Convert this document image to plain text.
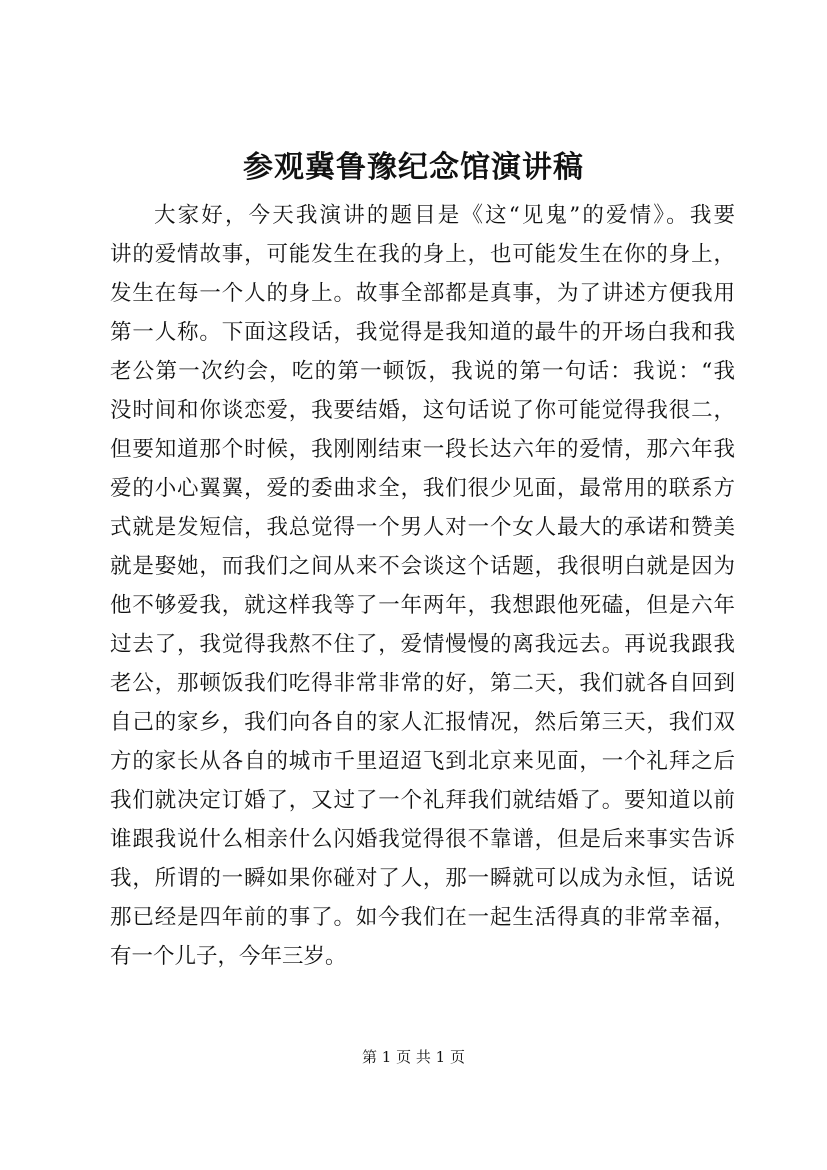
参观冀鲁豫纪念馆演讲稿
大家好，今天我演讲的题目是《这“见鬼”的爱情》。我要
讲的爱情故事，可能发生在我的身上，也可能发生在你的身上，
发生在每一个人的身上。故事全部都是真事，为了讲述方便我用
第一人称。下面这段话，我觉得是我知道的最牛的开场白我和我
老公第一次约会，吃的第一顿饭，我说的第一句话：我说：“我
没时间和你谈恋爱，我要结婚，这句话说了你可能觉得我很二，
但要知道那个时候，我刚刚结束一段长达六年的爱情，那六年我
爱的小心翼翼，爱的委曲求全，我们很少见面，最常用的联系方
式就是发短信，我总觉得一个男人对一个女人最大的承诺和赞美
就是娶她，而我们之间从来不会谈这个话题，我很明白就是因为
他不够爱我，就这样我等了一年两年，我想跟他死磕，但是六年
过去了，我觉得我熬不住了，爱情慢慢的离我远去。再说我跟我
老公，那顿饭我们吃得非常非常的好，第二天，我们就各自回到
自己的家乡，我们向各自的家人汇报情况，然后第三天，我们双
方的家长从各自的城市千里迢迢飞到北京来见面，一个礼拜之后
我们就决定订婚了，又过了一个礼拜我们就结婚了。要知道以前
谁跟我说什么相亲什么闪婚我觉得很不靠谱，但是后来事实告诉
我，所谓的一瞬如果你碰对了人，那一瞬就可以成为永恒，话说
那已经是四年前的事了。如今我们在一起生活得真的非常幸福，
有一个儿子，今年三岁。
第 1 页 共 1 页
